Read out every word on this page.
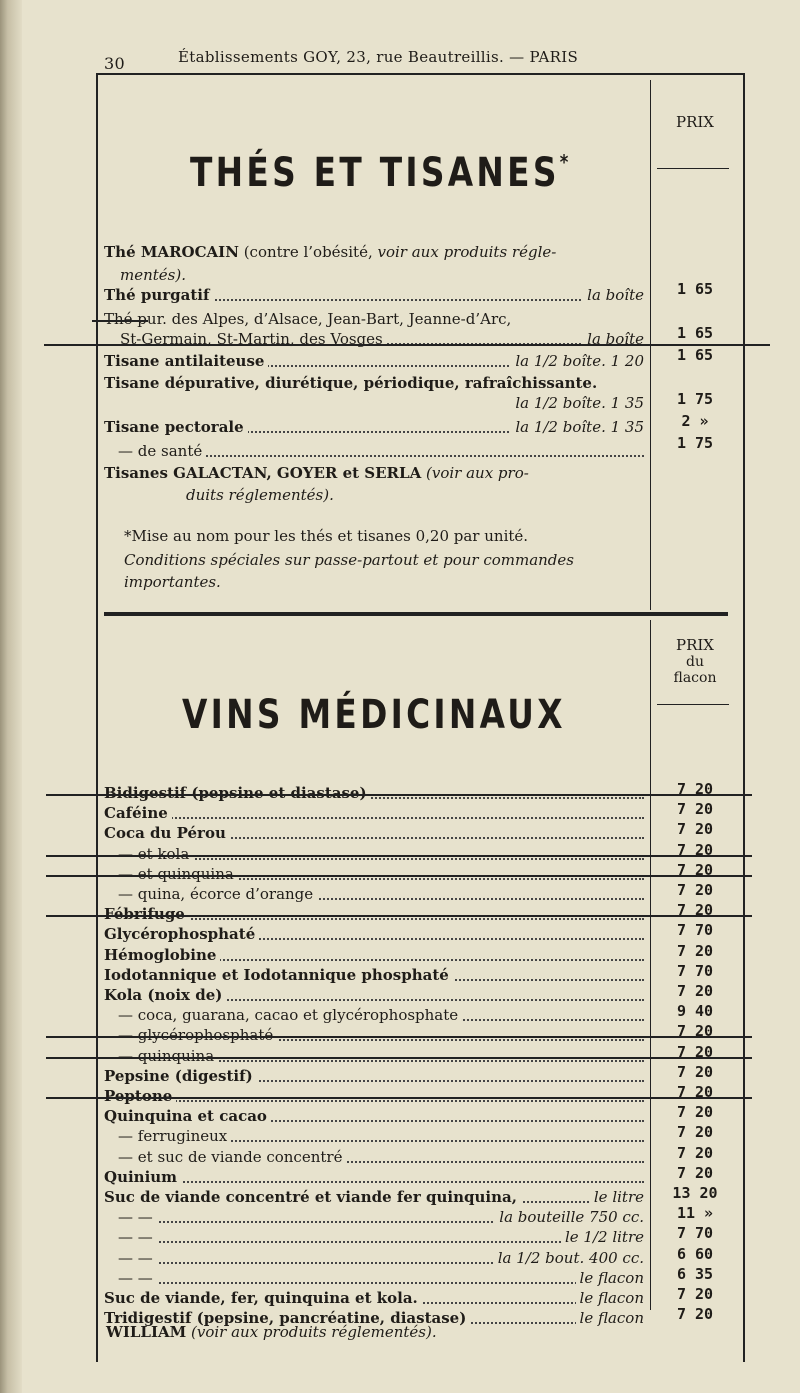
30	Établissements GOY, 23, rue Beautreillis. — PARIS
PRIX
THÉS ET TISANES*
Thé MAROCAIN (contre l’obésité, voir aux produits régle-
mentés).
Thé purgatif	la boîte	1 65
Thé pur. des Alpes, d’Alsace, Jean-Bart, Jeanne-d’Arc,
St-Germain, St-Martin, des Vosges	la boîte	1 65
Tisane antilaiteuse	la 1/2 boîte. 1 20	1 65
Tisane dépurative, diurétique, périodique, rafraîchissante.
la 1/2 boîte. 1 35	1 75
Tisane pectorale	la 1/2 boîte. 1 35	2 »
— de santé	1 75
Tisanes GALACTAN, GOYER et SERLA (voir aux pro-
duits réglementés).
*Mise au nom pour les thés et tisanes 0,20 par unité.
Conditions spéciales sur passe-partout et pour commandes
importantes.
PRIX
du
flacon
VINS MÉDICINAUX
Bidigestif (pepsine et diastase)	7 20
Caféine	7 20
Coca du Pérou	7 20
— et kola	7 20
— et quinquina	7 20
— quina, écorce d’orange	7 20
Fébrifuge	7 20
Glycérophosphaté	7 70
Hémoglobine	7 20
Iodotannique et Iodotannique phosphaté	7 70
Kola (noix de)	7 20
— coca, guarana, cacao et glycérophosphate	9 40
— glycérophosphaté	7 20
— quinquina	7 20
Pepsine (digestif)	7 20
Peptone	7 20
Quinquina et cacao	7 20
— ferrugineux	7 20
— et suc de viande concentré	7 20
Quinium	7 20
Suc de viande concentré et viande fer quinquina,	le litre	13 20
— —	la bouteille 750 cc.	11 »
— —	le 1/2 litre	7 70
— —	la 1/2 bout. 400 cc.	6 60
— —	le flacon	6 35
Suc de viande, fer, quinquina et kola.	le flacon	7 20
Tridigestif (pepsine, pancréatine, diastase)	le flacon	7 20
WILLIAM (voir aux produits réglementés).
